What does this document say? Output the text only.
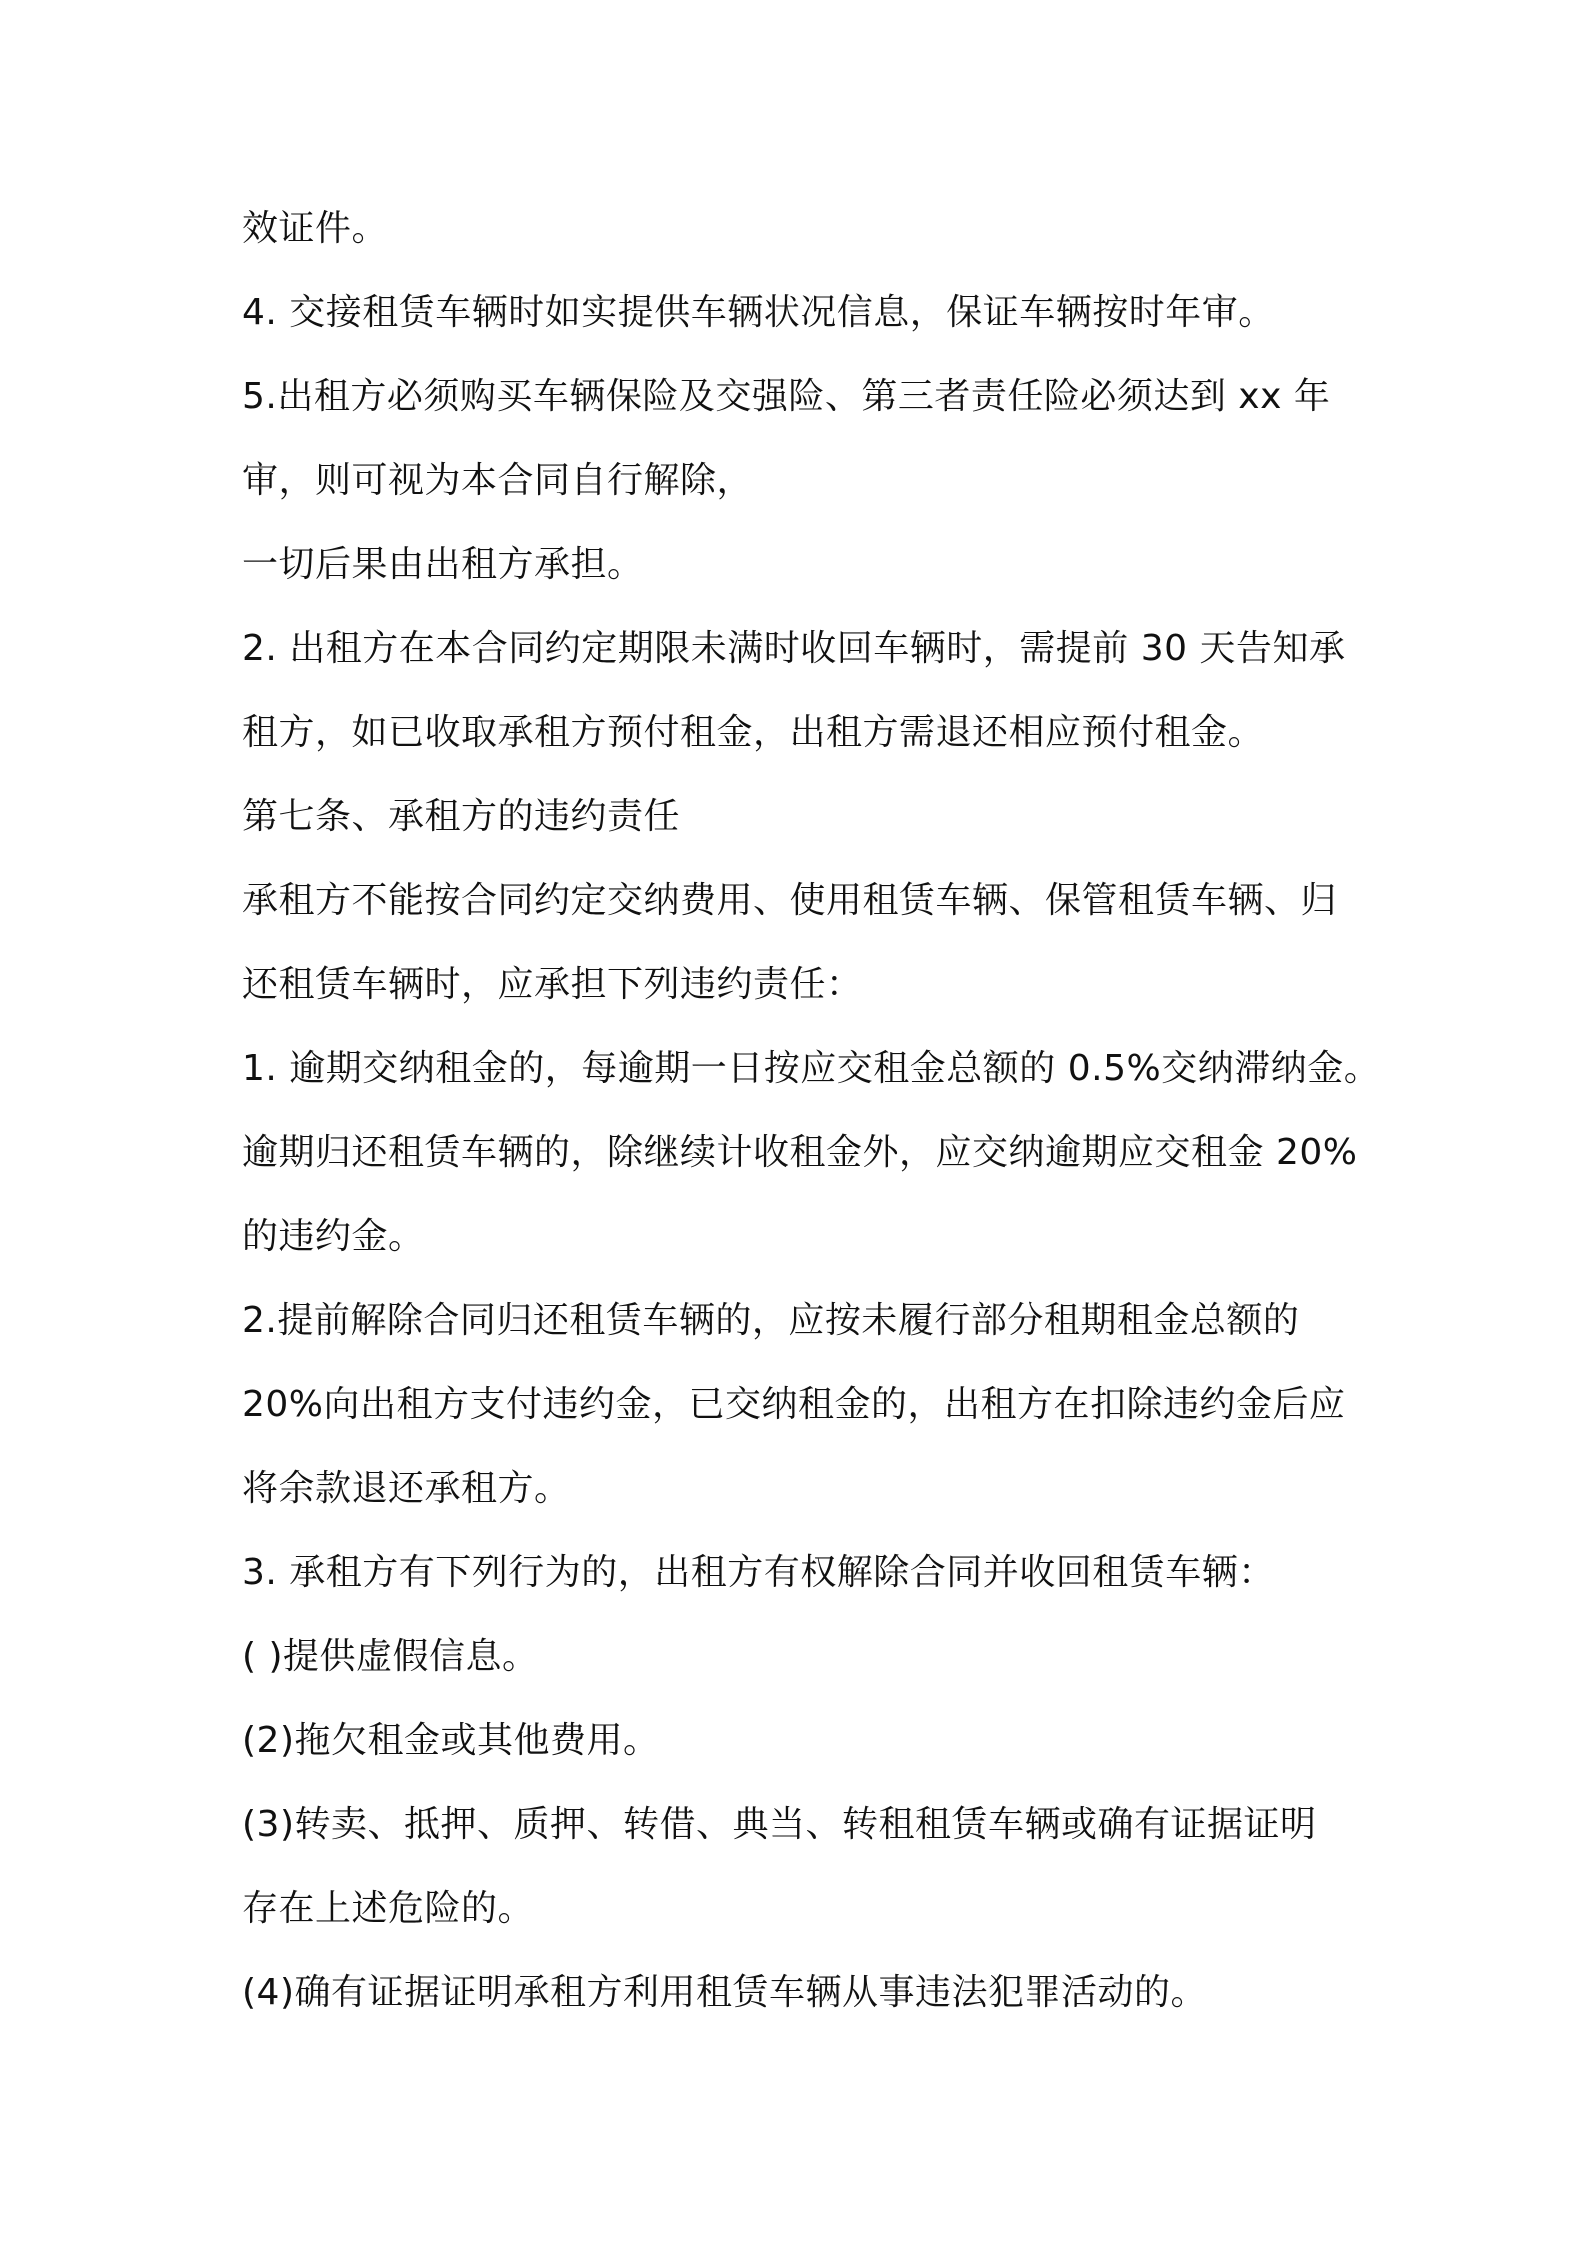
效证件。
4. 交接租赁车辆时如实提供车辆状况信息，保证车辆按时年审。
5.出租方必须购买车辆保险及交强险、第三者责任险必须达到 xx 年
审，则可视为本合同自行解除，
一切后果由出租方承担。
2. 出租方在本合同约定期限未满时收回车辆时，需提前 30 天告知承
租方，如已收取承租方预付租金，出租方需退还相应预付租金。
第七条、承租方的违约责任
承租方不能按合同约定交纳费用、使用租赁车辆、保管租赁车辆、归
还租赁车辆时，应承担下列违约责任：
1. 逾期交纳租金的，每逾期一日按应交租金总额的 0.5%交纳滞纳金。
逾期归还租赁车辆的，除继续计收租金外，应交纳逾期应交租金 20%
的违约金。
2.提前解除合同归还租赁车辆的，应按未履行部分租期租金总额的
20%向出租方支付违约金，已交纳租金的，出租方在扣除违约金后应
将余款退还承租方。
3. 承租方有下列行为的，出租方有权解除合同并收回租赁车辆：
( )提供虚假信息。
(2)拖欠租金或其他费用。
(3)转卖、抵押、质押、转借、典当、转租租赁车辆或确有证据证明
存在上述危险的。
(4)确有证据证明承租方利用租赁车辆从事违法犯罪活动的。
